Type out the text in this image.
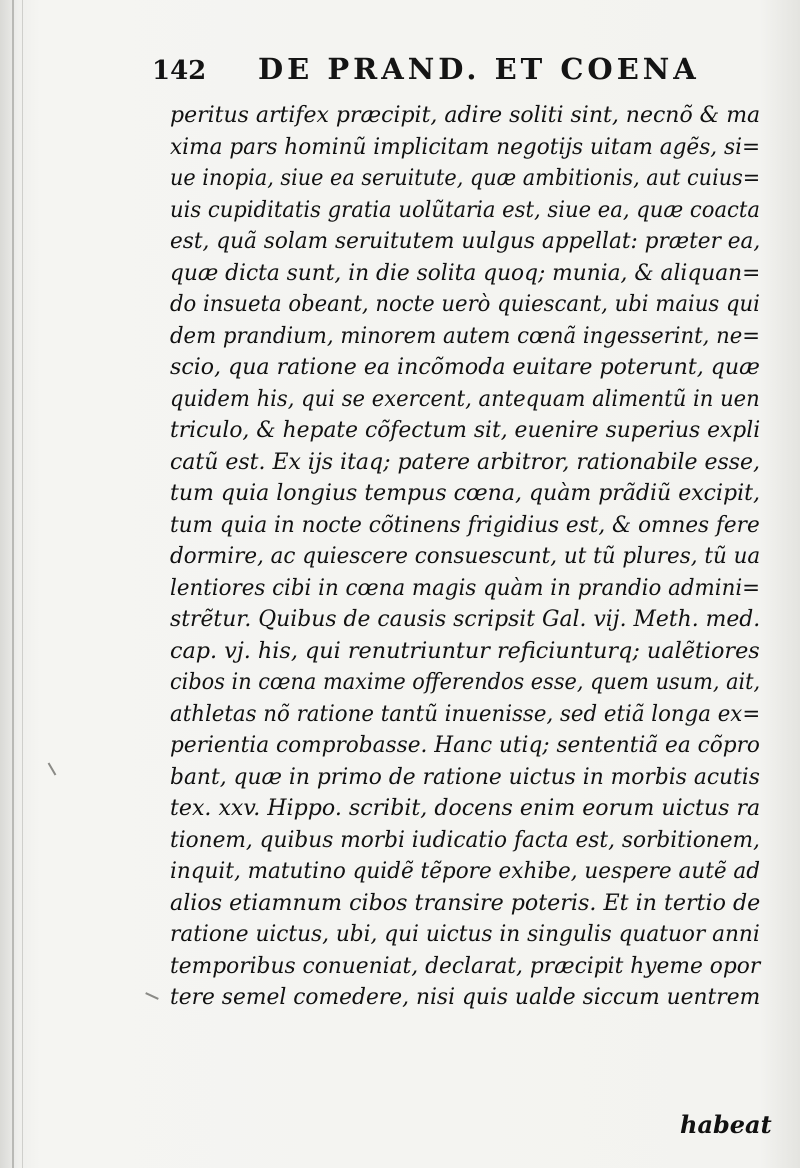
142 DE PRAND. ET COENA
peritus artifex præcipit, adire soliti sint, necnõ & ma
xima pars hominũ implicitam negotijs uitam agẽs, si=
ue inopia, siue ea seruitute, quæ ambitionis, aut cuius=
uis cupiditatis gratia uolũtaria est, siue ea, quæ coacta
est, quã solam seruitutem uulgus appellat: præter ea,
quæ dicta sunt, in die solita quoq; munia, & aliquan=
do insueta obeant, nocte uerò quiescant, ubi maius qui
dem prandium, minorem autem cœnã ingesserint, ne=
scio, qua ratione ea incõmoda euitare poterunt, quæ
quidem his, qui se exercent, antequam alimentũ in uen
triculo, & hepate cõfectum sit, euenire superius expli
catũ est. Ex ijs itaq; patere arbitror, rationabile esse,
tum quia longius tempus cœna, quàm prãdiũ excipit,
tum quia in nocte cõtinens frigidius est, & omnes fere
dormire, ac quiescere consuescunt, ut tũ plures, tũ ua
lentiores cibi in cœna magis quàm in prandio admini=
strẽtur. Quibus de causis scripsit Gal. vij. Meth. med.
cap. vj. his, qui renutriuntur reficiunturq; ualẽtiores
cibos in cœna maxime offerendos esse, quem usum, ait,
athletas nõ ratione tantũ inuenisse, sed etiã longa ex=
perientia comprobasse. Hanc utiq; sententiã ea cõpro
bant, quæ in primo de ratione uictus in morbis acutis
tex. xxv. Hippo. scribit, docens enim eorum uictus ra
tionem, quibus morbi iudicatio facta est, sorbitionem,
inquit, matutino quidẽ tẽpore exhibe, uespere autẽ ad
alios etiamnum cibos transire poteris. Et in tertio de
ratione uictus, ubi, qui uictus in singulis quatuor anni
temporibus conueniat, declarat, præcipit hyeme opor
tere semel comedere, nisi quis ualde siccum uentrem
habeat
